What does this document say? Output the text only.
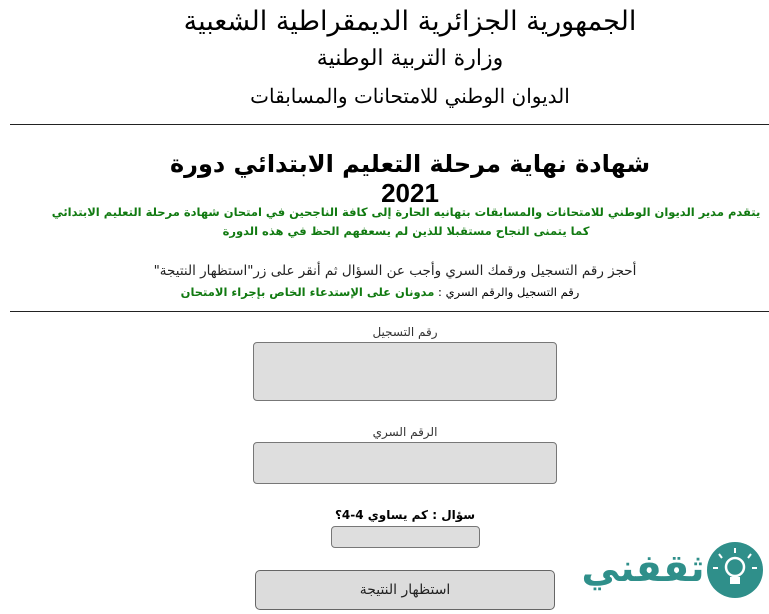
الجمهورية الجزائرية الديمقراطية الشعبية
وزارة التربية الوطنية
الديوان الوطني للامتحانات والمسابقات
شهادة نهاية مرحلة التعليم الابتدائي دورة 2021
يتقدم مدير الديوان الوطني للامتحانات والمسابقات بتهانيه الحارة إلى كافة الناجحين في امتحان شهادة مرحلة التعليم الابتدائي
كما يتمنى النجاح مستقبلا للذين لم يسعفهم الحظ في هذه الدورة
أحجز رقم التسجيل ورقمك السري وأجب عن السؤال ثم أنقر على زر"استظهار النتيجة"
رقم التسجيل والرقم السري : مدونان على الإستدعاء الخاص بإجراء الامتحان
رقم التسجيل
الرقم السري
سؤال : كم يساوي 4-4؟
استظهار النتيجة	ثقفني
